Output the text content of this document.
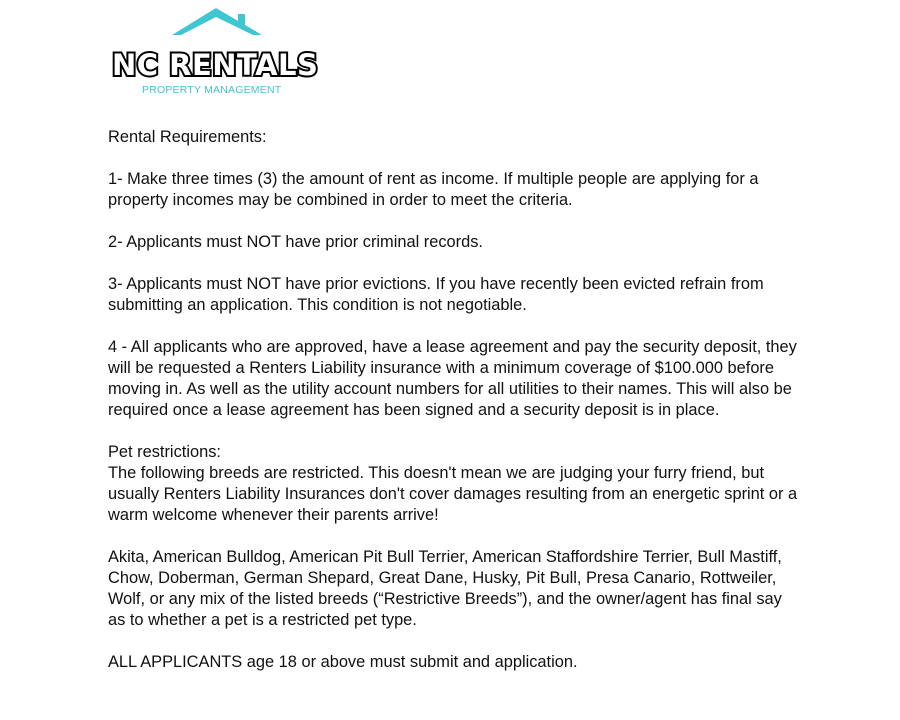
NC RENTALS
PROPERTY MANAGEMENT

Rental Requirements:

1- Make three times (3) the amount of rent as income. If multiple people are applying for a property incomes may be combined in order to meet the criteria.

2- Applicants must NOT have prior criminal records.

3- Applicants must NOT have prior evictions. If you have recently been evicted refrain from submitting an application. This condition is not negotiable.

4 - All applicants who are approved, have a lease agreement and pay the security deposit, they will be requested a Renters Liability insurance with a minimum coverage of $100.000 before moving in. As well as the utility account numbers for all utilities to their names. This will also be required once a lease agreement has been signed and a security deposit is in place.

Pet restrictions:

The following breeds are restricted. This doesn't mean we are judging your furry friend, but usually Renters Liability Insurances don't cover damages resulting from an energetic sprint or a warm welcome whenever their parents arrive!

Akita, American Bulldog, American Pit Bull Terrier, American Staffordshire Terrier, Bull Mastiff, Chow, Doberman, German Shepard, Great Dane, Husky, Pit Bull, Presa Canario, Rottweiler, Wolf, or any mix of the listed breeds (“Restrictive Breeds”), and the owner/agent has final say as to whether a pet is a restricted pet type.

ALL APPLICANTS age 18 or above must submit and application.
